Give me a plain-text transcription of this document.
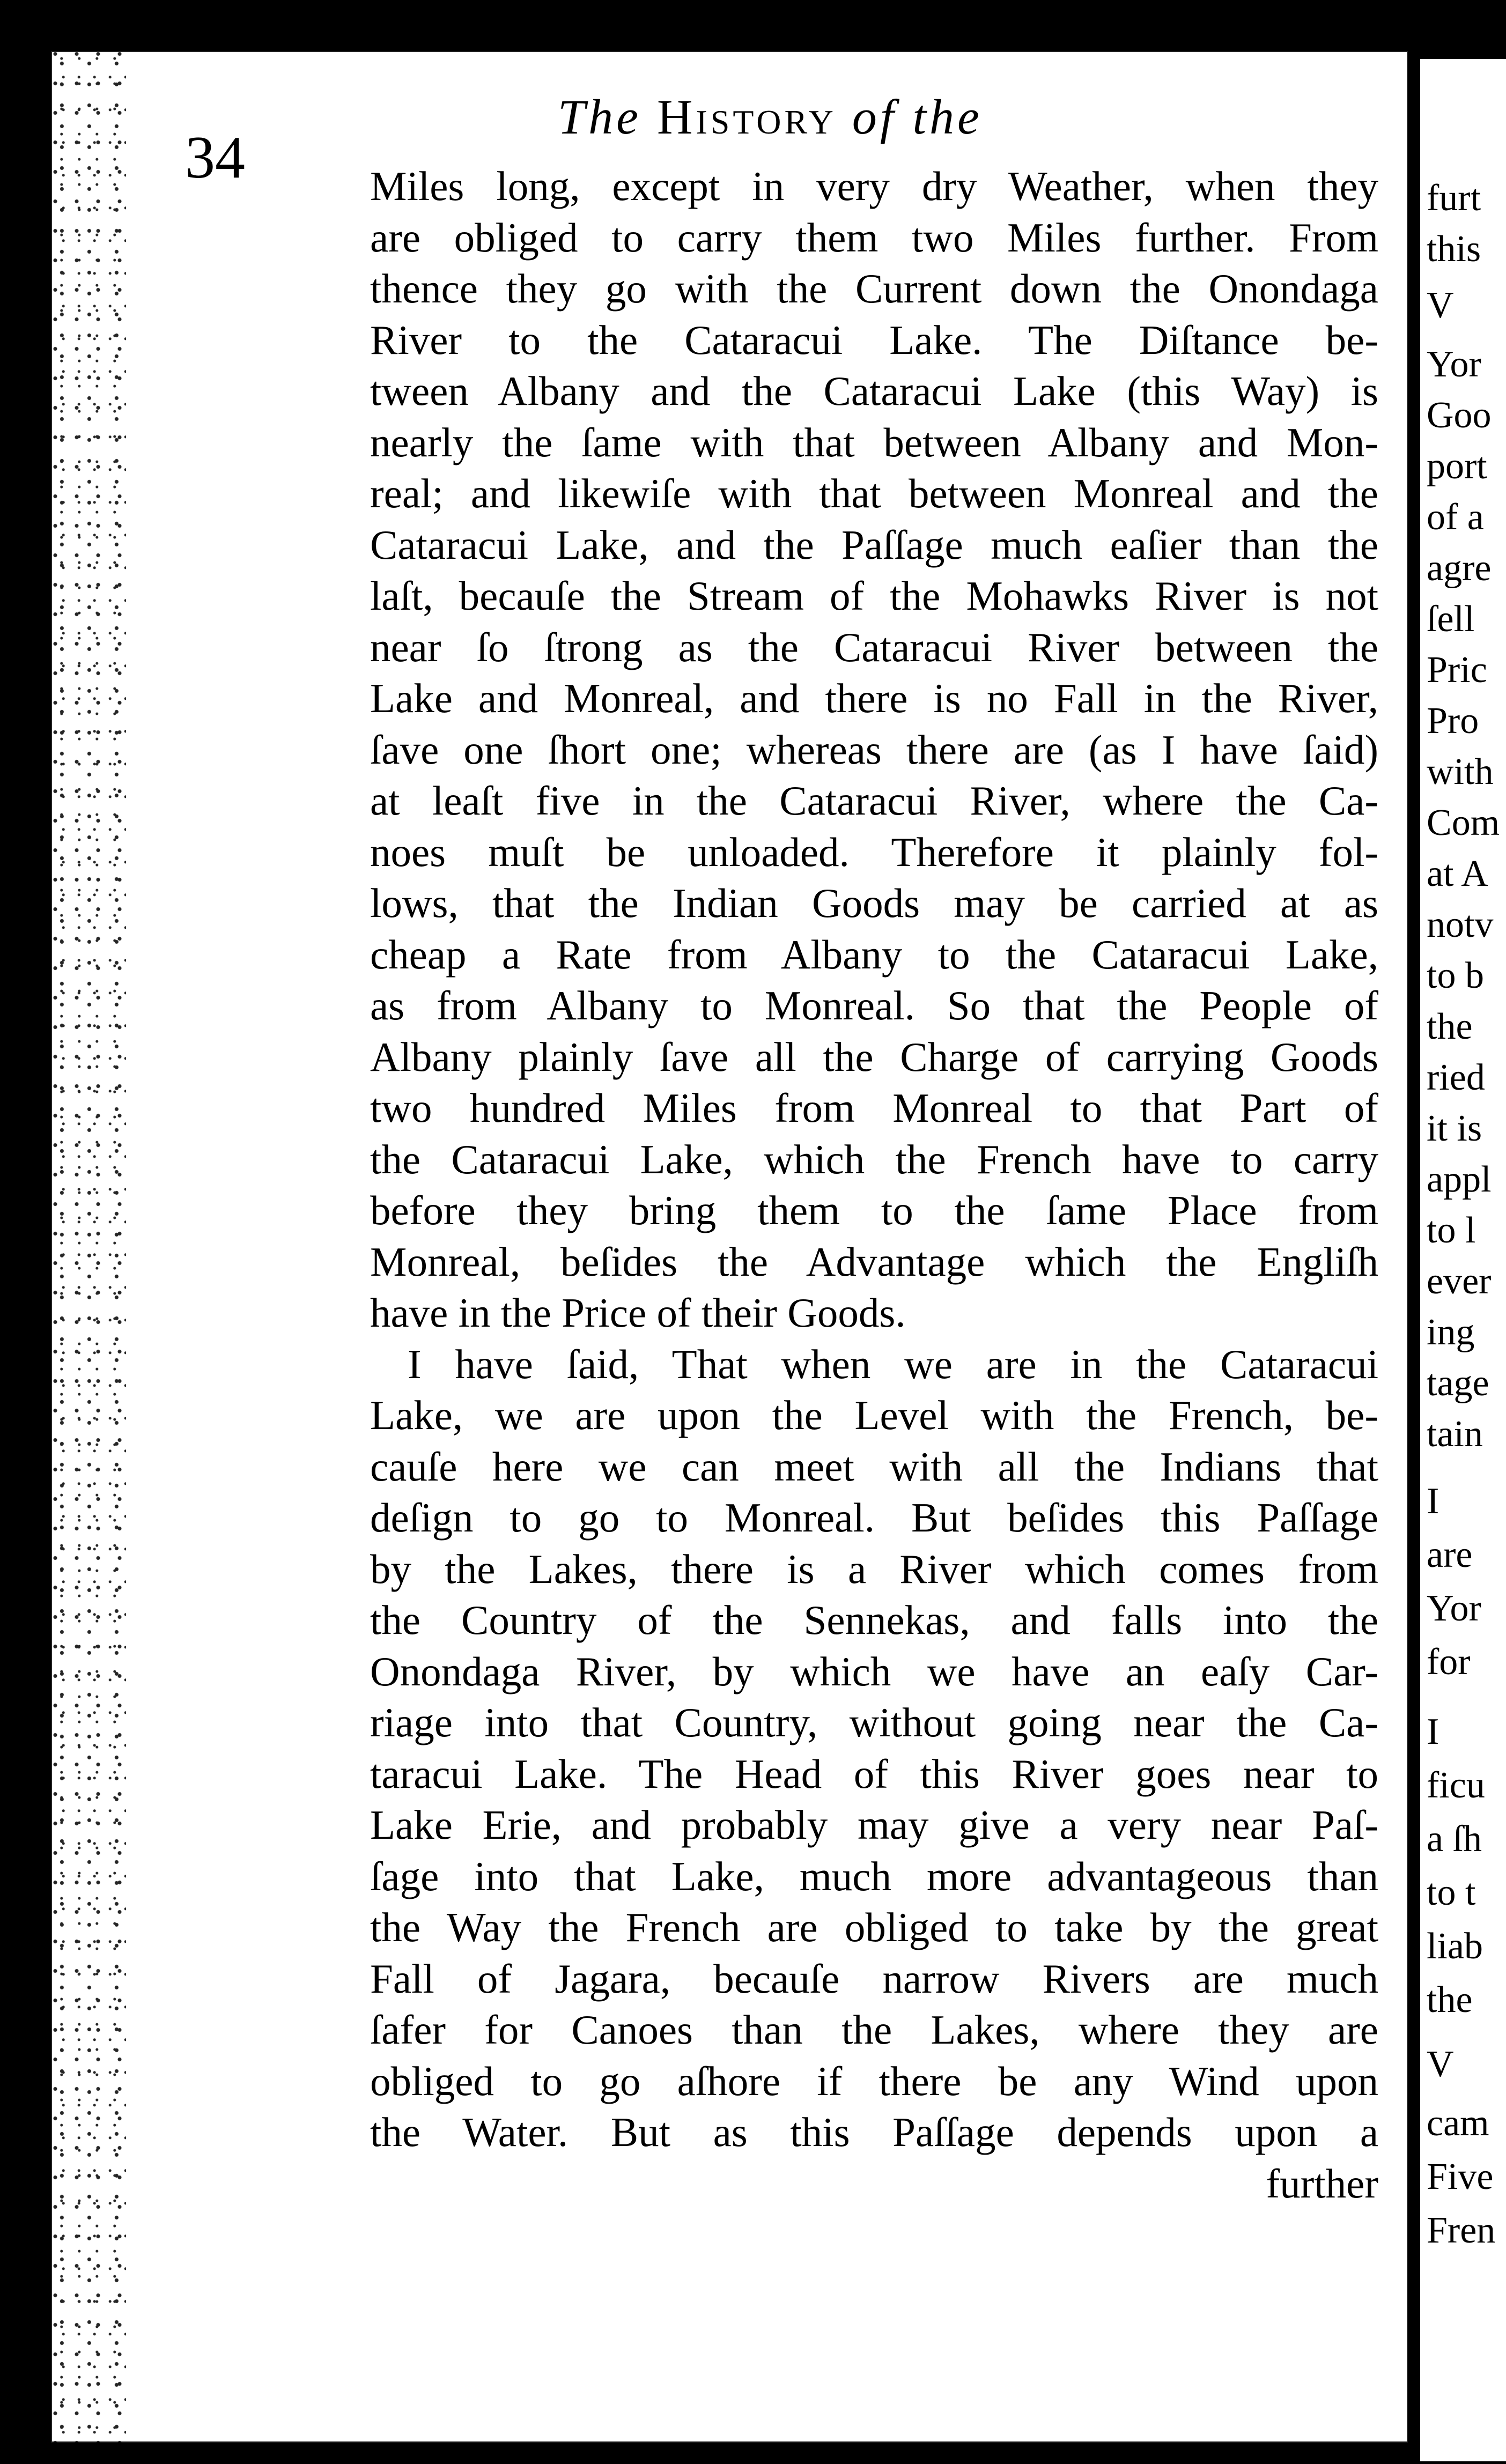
34
The History of the
Miles long, except in very dry Weather, when they
are obliged to carry them two Miles further. From
thence they go with the Current down the Onondaga
River to the Cataracui Lake. The Diſtance be-
tween Albany and the Cataracui Lake (this Way) is
nearly the ſame with that between Albany and Mon-
real; and likewiſe with that between Monreal and the
Cataracui Lake, and the Paſſage much eaſier than the
laſt, becauſe the Stream of the Mohawks River is not
near ſo ſtrong as the Cataracui River between the
Lake and Monreal, and there is no Fall in the River,
ſave one ſhort one; whereas there are (as I have ſaid)
at leaſt five in the Cataracui River, where the Ca-
noes muſt be unloaded. Therefore it plainly fol-
lows, that the Indian Goods may be carried at as
cheap a Rate from Albany to the Cataracui Lake,
as from Albany to Monreal. So that the People of
Albany plainly ſave all the Charge of carrying Goods
two hundred Miles from Monreal to that Part of
the Cataracui Lake, which the French have to carry
before they bring them to the ſame Place from
Monreal, beſides the Advantage which the Engliſh
have in the Price of their Goods.
I have ſaid, That when we are in the Cataracui
Lake, we are upon the Level with the French, be-
cauſe here we can meet with all the Indians that
deſign to go to Monreal. But beſides this Paſſage
by the Lakes, there is a River which comes from
the Country of the Sennekas, and falls into the
Onondaga River, by which we have an eaſy Car-
riage into that Country, without going near the Ca-
taracui Lake. The Head of this River goes near to
Lake Erie, and probably may give a very near Paſ-
ſage into that Lake, much more advantageous than
the Way the French are obliged to take by the great
Fall of Jagara, becauſe narrow Rivers are much
ſafer for Canoes than the Lakes, where they are
obliged to go aſhore if there be any Wind upon
the Water. But as this Paſſage depends upon a
further
furt
this
V
Yor
Goo
port
of a
agre
ſell
Pric
Pro
with
Com
at A
notv
to b
the
ried
it is
appl
to l
ever
ing
tage
tain
I
are
Yor
for
I
ficu
a ſh
to t
liab
the
V
cam
Five
Fren
